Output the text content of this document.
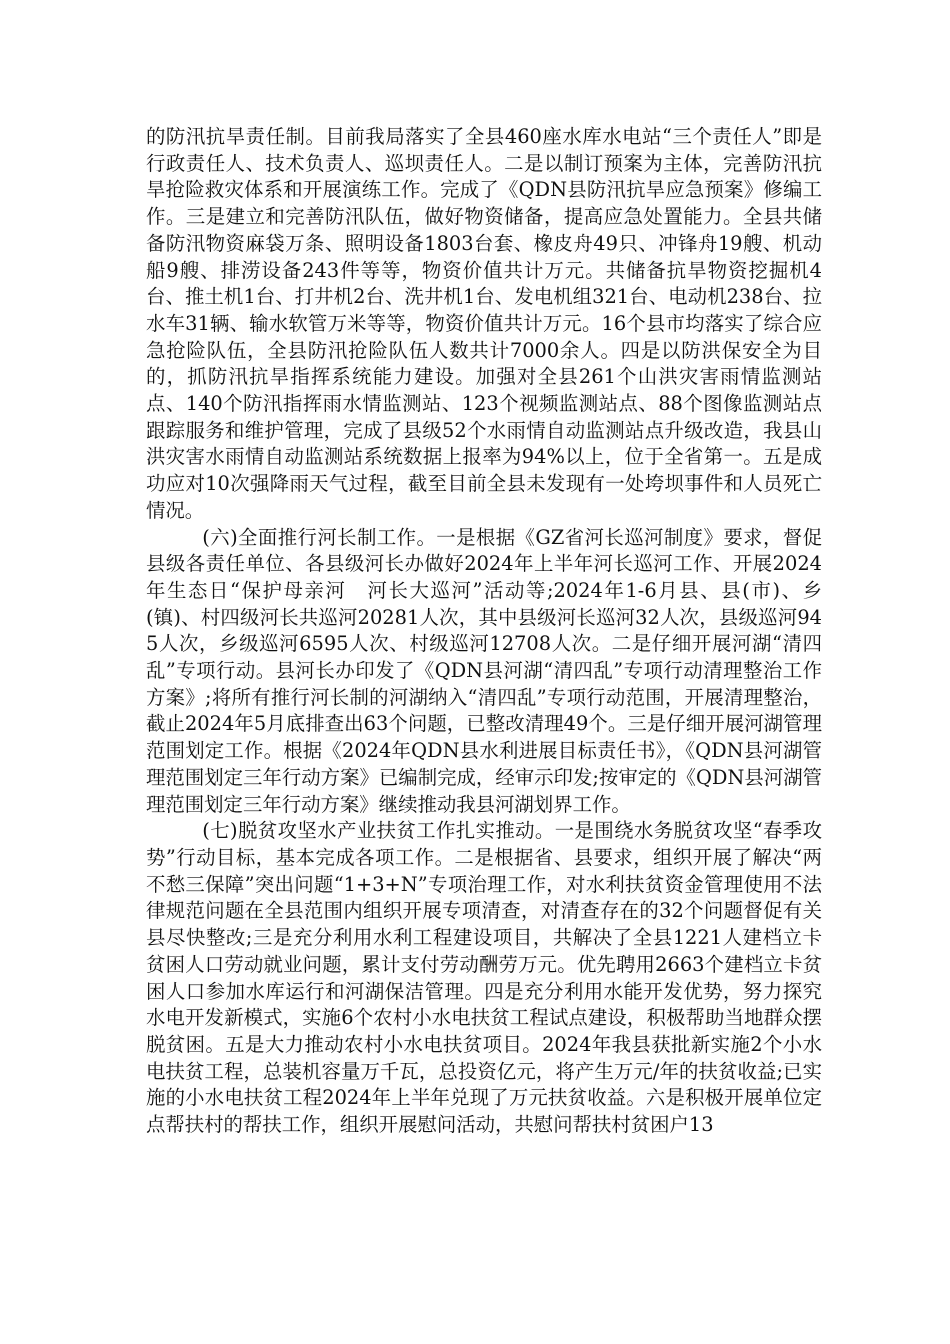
的防汛抗旱责任制。目前我局落实了全县460座水库水电站“三个责任人”即是行政责任人、技术负责人、巡坝责任人。二是以制订预案为主体，完善防汛抗旱抢险救灾体系和开展演练工作。完成了《QDN县防汛抗旱应急预案》修编工作。三是建立和完善防汛队伍，做好物资储备，提高应急处置能力。全县共储备防汛物资麻袋万条、照明设备1803台套、橡皮舟49只、冲锋舟19艘、机动船9艘、排涝设备243件等等，物资价值共计万元。共储备抗旱物资挖掘机4台、推土机1台、打井机2台、洗井机1台、发电机组321台、电动机238台、拉水车31辆、输水软管万米等等，物资价值共计万元。16个县市均落实了综合应急抢险队伍，全县防汛抢险队伍人数共计7000余人。四是以防洪保安全为目的，抓防汛抗旱指挥系统能力建设。加强对全县261个山洪灾害雨情监测站点、140个防汛指挥雨水情监测站、123个视频监测站点、88个图像监测站点跟踪服务和维护管理，完成了县级52个水雨情自动监测站点升级改造，我县山洪灾害水雨情自动监测站系统数据上报率为94%以上，位于全省第一。五是成功应对10次强降雨天气过程，截至目前全县未发现有一处垮坝事件和人员死亡情况。

(六)全面推行河长制工作。一是根据《GZ省河长巡河制度》要求，督促县级各责任单位、各县级河长办做好2024年上半年河长巡河工作、开展2024年生态日“保护母亲河　河长大巡河”活动等;2024年1-6月县、县(市)、乡(镇)、村四级河长共巡河20281人次，其中县级河长巡河32人次，县级巡河945人次，乡级巡河6595人次、村级巡河12708人次。二是仔细开展河湖“清四乱”专项行动。县河长办印发了《QDN县河湖“清四乱”专项行动清理整治工作方案》;将所有推行河长制的河湖纳入“清四乱”专项行动范围，开展清理整治，截止2024年5月底排查出63个问题，已整改清理49个。三是仔细开展河湖管理范围划定工作。根据《2024年QDN县水利进展目标责任书》，《QDN县河湖管理范围划定三年行动方案》已编制完成，经审示印发;按审定的《QDN县河湖管理范围划定三年行动方案》继续推动我县河湖划界工作。

(七)脱贫攻坚水产业扶贫工作扎实推动。一是围绕水务脱贫攻坚“春季攻势”行动目标，基本完成各项工作。二是根据省、县要求，组织开展了解决“两不愁三保障”突出问题“1+3+N”专项治理工作，对水利扶贫资金管理使用不法律规范问题在全县范围内组织开展专项清查，对清查存在的32个问题督促有关县尽快整改;三是充分利用水利工程建设项目，共解决了全县1221人建档立卡贫困人口劳动就业问题，累计支付劳动酬劳万元。优先聘用2663个建档立卡贫困人口参加水库运行和河湖保洁管理。四是充分利用水能开发优势，努力探究水电开发新模式，实施6个农村小水电扶贫工程试点建设，积极帮助当地群众摆脱贫困。五是大力推动农村小水电扶贫项目。2024年我县获批新实施2个小水电扶贫工程，总装机容量万千瓦，总投资亿元，将产生万元/年的扶贫收益;已实施的小水电扶贫工程2024年上半年兑现了万元扶贫收益。六是积极开展单位定点帮扶村的帮扶工作，组织开展慰问活动，共慰问帮扶村贫困户13
